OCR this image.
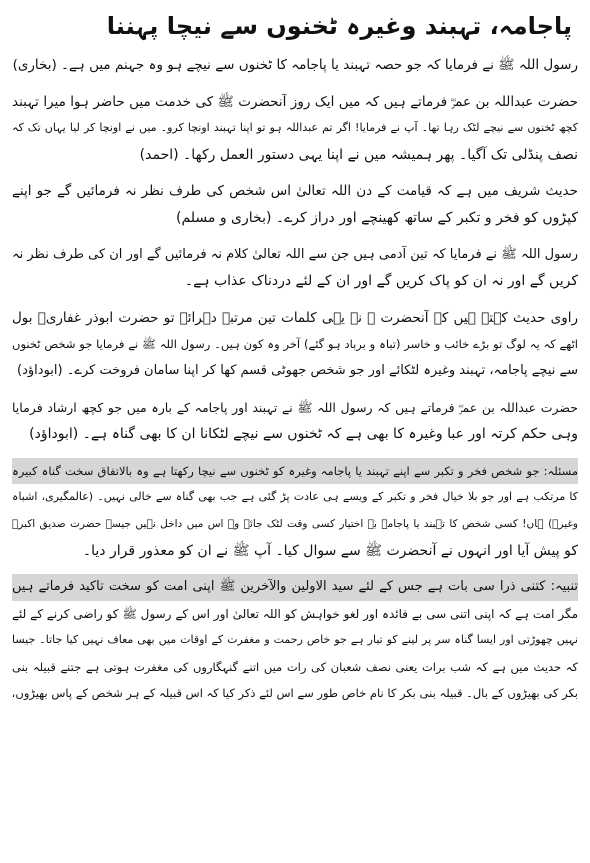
پاجامہ، تہبند وغیرہ ٹخنوں سے نیچا پہننا
رسول اللہ ﷺ نے فرمایا کہ جو حصہ تہبند یا پاجامہ کا ٹخنوں سے نیچے ہو وہ جہنم میں ہے۔ (بخاری)
حضرت عبداللہ بن عمرؓ فرماتے ہیں کہ میں ایک روز آنحضرت ﷺ کی خدمت میں حاضر ہوا میرا تہبند
کچھ ٹخنوں سے نیچے لٹک رہا تھا۔ آپ نے فرمایا! اگر تم عبداللہ ہو تو اپنا تہبند اونچا کرو۔ میں نے اونچا کر لیا یہاں تک کہ
نصف پنڈلی تک آگیا۔ پھر ہمیشہ میں نے اپنا یہی دستور العمل رکھا۔ (احمد)
حدیث شریف میں ہے کہ قیامت کے دن اللہ تعالیٰ اس شخص کی طرف نظر نہ فرمائیں گے جو اپنے
کپڑوں کو فخر و تکبر کے ساتھ کھینچے اور دراز کرے۔ (بخاری و مسلم)
رسول اللہ ﷺ نے فرمایا کہ تین آدمی ہیں جن سے اللہ تعالیٰ کلام نہ فرمائیں گے اور ان کی طرف نظر نہ
کریں گے اور نہ ان کو پاک کریں گے اور ان کے لئے دردناک عذاب ہے۔
راوی حدیث کہتے ہیں کہ آنحضرت ﷺ نے یہی کلمات تین مرتبہ دہرائے تو حضرت ابوذر غفاریؓ بول
اٹھے کہ یہ لوگ تو بڑے خائب و خاسر (تباہ و برباد ہو گئے) آخر وہ کون ہیں۔ رسول اللہ ﷺ نے فرمایا جو شخص ٹخنوں
سے نیچے پاجامہ، تہبند وغیرہ لٹکائے اور جو شخص جھوٹی قسم کھا کر اپنا سامان فروخت کرے۔ (ابوداؤد)
حضرت عبداللہ بن عمرؓ فرماتے ہیں کہ رسول اللہ ﷺ نے تہبند اور پاجامہ کے بارہ میں جو کچھ ارشاد فرمایا
وہی حکم کرتہ اور عبا وغیرہ کا بھی ہے کہ ٹخنوں سے نیچے لٹکانا ان کا بھی گناہ ہے۔ (ابوداؤد)
مسئلہ: جو شخص فخر و تکبر سے اپنے تہبند یا پاجامہ وغیرہ کو ٹخنوں سے نیچا رکھتا ہے وہ بالاتفاق سخت گناہ کبیرہ
کا مرتکب ہے اور جو بلا خیال فخر و تکبر کے ویسے ہی عادت پڑ گئی ہے جب بھی گناہ سے خالی نہیں۔ (عالمگیری، اشباہ
وغیرہ) ہاں! کسی شخص کا تہبند یا پاجامہ بے اختیار کسی وقت لٹک جائے وہ اس میں داخل نہیں جیسے حضرت صدیق اکبرؓ
کو پیش آیا اور انہوں نے آنحضرت ﷺ سے سوال کیا۔ آپ ﷺ نے ان کو معذور قرار دیا۔
تنبیہ: کتنی ذرا سی بات ہے جس کے لئے سید الاولین والآخرین ﷺ اپنی امت کو سخت تاکید فرماتے ہیں
مگر امت ہے کہ اپنی اتنی سی بے فائدہ اور لغو خواہش کو اللہ تعالیٰ اور اس کے رسول ﷺ کو راضی کرنے کے لئے
نہیں چھوڑتی اور ایسا گناہ سر پر لینے کو تیار ہے جو خاص رحمت و مغفرت کے اوقات میں بھی معاف نہیں کیا جاتا۔ جیسا
کہ حدیث میں ہے کہ شب برات یعنی نصف شعبان کی رات میں اتنے گنہگاروں کی مغفرت ہوتی ہے جتنے قبیلہ بنی
بکر کی بھیڑوں کے بال۔ قبیلہ بنی بکر کا نام خاص طور سے اس لئے ذکر کیا کہ اس قبیلہ کے ہر شخص کے پاس بھیڑوں،
